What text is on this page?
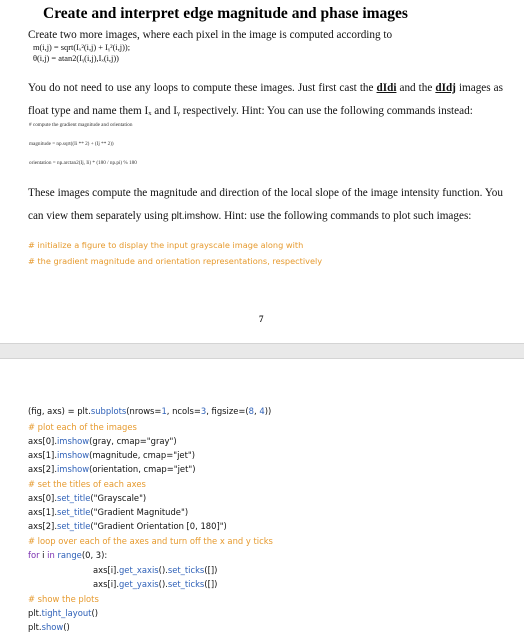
Create and interpret edge magnitude and phase images
Create two more images, where each pixel in the image is computed according to
m(i,j) = sqrt(Iₓ²(i,j) + Iᵧ²(i,j));
θ(i,j) = atan2(Iᵧ(i,j),Iₓ(i,j))
You do not need to use any loops to compute these images. Just first cast the dIdi and the dIdj images as float type and name them Iₓ and Iᵧ respectively. Hint: You can use the following commands instead:
# compute the gradient magnitude and orientation
magnitude = np.sqrt((Ii ** 2) + (Ij ** 2))
orientation = np.arctan2(Ij, Ii) * (180 / np.pi) % 180
These images compute the magnitude and direction of the local slope of the image intensity function. You can view them separately using plt.imshow. Hint: use the following commands to plot such images:
# initialize a figure to display the input grayscale image along with
# the gradient magnitude and orientation representations, respectively
7
(fig, axs) = plt.subplots(nrows=1, ncols=3, figsize=(8, 4))
# plot each of the images
axs[0].imshow(gray, cmap="gray")
axs[1].imshow(magnitude, cmap="jet")
axs[2].imshow(orientation, cmap="jet")
# set the titles of each axes
axs[0].set_title("Grayscale")
axs[1].set_title("Gradient Magnitude")
axs[2].set_title("Gradient Orientation [0, 180]")
# loop over each of the axes and turn off the x and y ticks
for i in range(0, 3):
axs[i].get_xaxis().set_ticks([])
axs[i].get_yaxis().set_ticks([])
# show the plots
plt.tight_layout()
plt.show()
